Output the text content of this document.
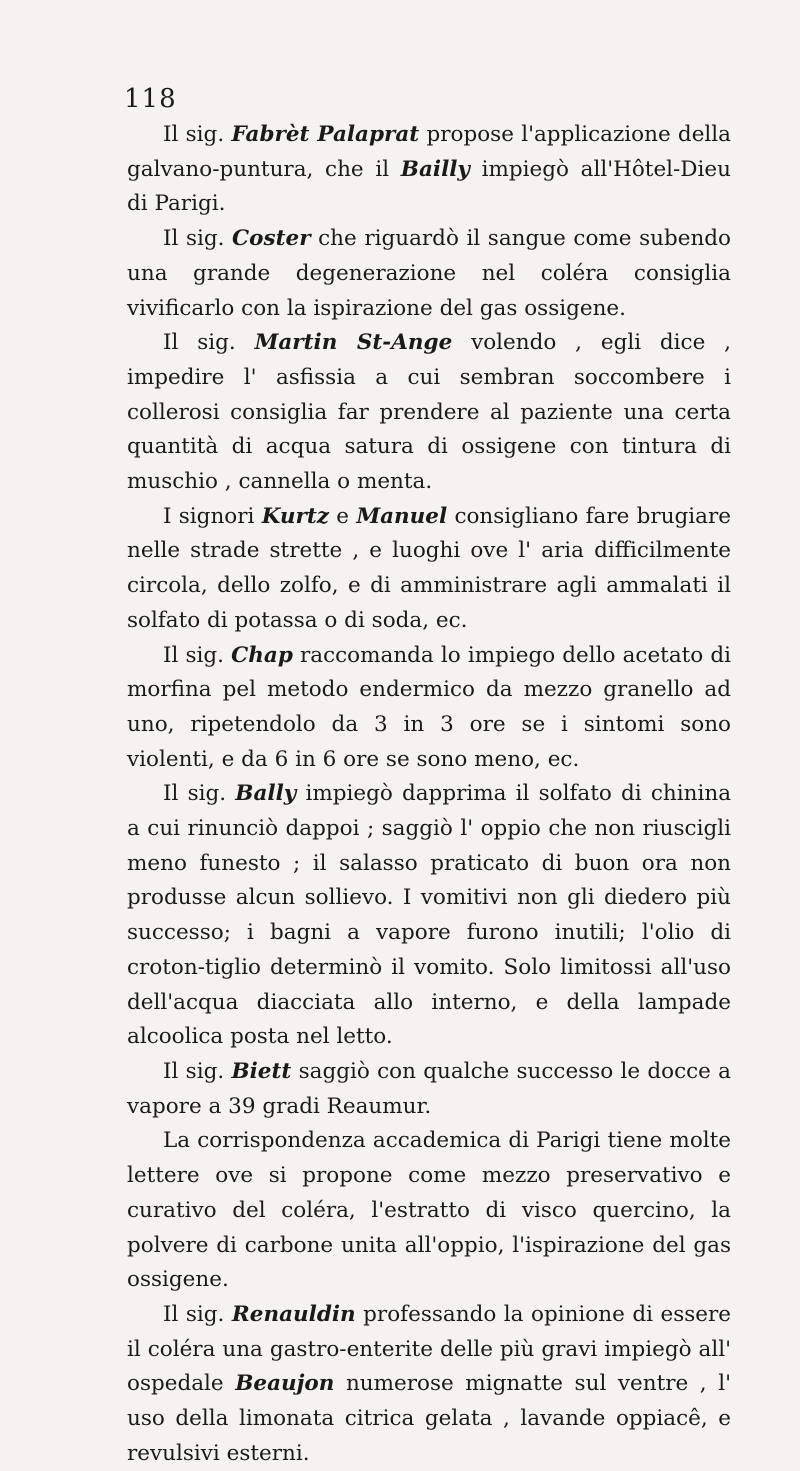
118

Il sig. Fabrèt Palaprat propose l'applicazione della galvano-puntura, che il Bailly impiegò all'Hôtel-Dieu di Parigi.

Il sig. Coster che riguardò il sangue come subendo una grande degenerazione nel coléra consiglia vivificarlo con la ispirazione del gas ossigene.

Il sig. Martin St-Ange volendo , egli dice , impedire l' asfissia a cui sembran soccombere i collerosi consiglia far prendere al paziente una certa quantità di acqua satura di ossigene con tintura di muschio , cannella o menta.

I signori Kurtz e Manuel consigliano fare brugiare nelle strade strette , e luoghi ove l' aria difficilmente circola, dello zolfo, e di amministrare agli ammalati il solfato di potassa o di soda, ec.

Il sig. Chap raccomanda lo impiego dello acetato di morfina pel metodo endermico da mezzo granello ad uno, ripetendolo da 3 in 3 ore se i sintomi sono violenti, e da 6 in 6 ore se sono meno, ec.

Il sig. Bally impiegò dapprima il solfato di chinina a cui rinunciò dappoi ; saggiò l' oppio che non riuscigli meno funesto ; il salasso praticato di buon ora non produsse alcun sollievo. I vomitivi non gli diedero più successo; i bagni a vapore furono inutili; l'olio di croton-tiglio determinò il vomito. Solo limitossi all'uso dell'acqua diacciata allo interno, e della lampade alcoolica posta nel letto.

Il sig. Biett saggiò con qualche successo le docce a vapore a 39 gradi Reaumur.

La corrispondenza accademica di Parigi tiene molte lettere ove si propone come mezzo preservativo e curativo del coléra, l'estratto di visco quercino, la polvere di carbone unita all'oppio, l'ispirazione del gas ossigene.

Il sig. Renauldin professando la opinione di essere il coléra una gastro-enterite delle più gravi impiegò all' ospedale Beaujon numerose mignatte sul ventre , l' uso della limonata citrica gelata , lavande oppiacê, e revulsivi esterni.
